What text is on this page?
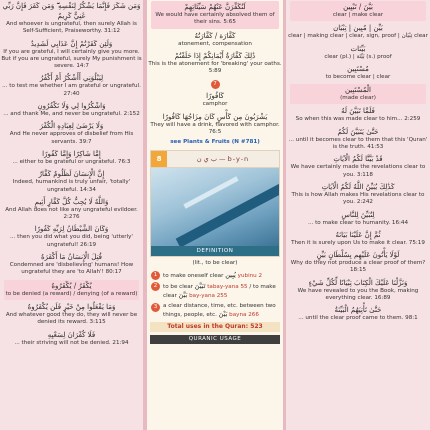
وَمَن شَكَرَ فَإِنَّمَا يَشْكُرُ لِنَفْسِهِ ۖ وَمَن كَفَرَ فَإِنَّ رَبِّي غَنِيٌّ كَرِيمٌ
And whoever is ungrateful, then surely Allah is Self-Sufficient, Praiseworthy. 31:12
وَلَئِن كَفَرْتُمْ إِنَّ عَذَابِي لَشَدِيدٌ
If you are grateful, I will certainly give you more. But if you are ungrateful, surely My punishment is severe. 14:7
لِيَبْلُوَنِي أَأَشْكُرُ أَمْ أَكْفُرُ
... to test me whether I am grateful or ungrateful. 27:40
وَاشْكُرُوا لِي وَلَا تَكْفُرُونِ
... and thank Me, and never be ungrateful. 2:152
وَلَا يَرْضَىٰ لِعِبَادِهِ الْكُفْرَ
And He never approves of disbelief from His servants. 39:7
إِمَّا شَاكِرًا وَإِمَّا كَفُورًا
... either to be grateful or ungrateful. 76:3
إِنَّ الْإِنسَانَ لَظَلُومٌ كَفَّارٌ
Indeed, humankind is truly unfair, 'totally' ungrateful. 14:34
وَاللَّهُ لَا يُحِبُّ كُلَّ كَفَّارٍ أَثِيمٍ
And Allah does not like any ungrateful evildoer. 2:276
وَكَانَ الشَّيْطَانُ لِرَبِّهِ كَفُورًا
... then you did what you did, being 'utterly' ungrateful! 26:19
قُتِلَ الْإِنسَانُ مَا أَكْفَرَهُ
Condemned are 'disbelieving' humans! How ungrateful they are 'to Allah'! 80:17
يُكْفَرُ / يُكْفَرُوهُ
to be denied (a reward) / denying (of a reward)
وَمَا يَفْعَلُوا مِنْ خَيْرٍ فَلَن يُكْفَرُوهُ
And whatever good they do, they will never be denied its reward. 3:115
فَلَا كُفْرَانَ لِسَعْيِهِ
... their striving will not be denied. 21:94
لَنُكَفِّرَنَّ عَنْهُمْ سَيِّئَاتِهِمْ
We would have certainly absolved them of their sins. 5:65
كَفَّارَة / كَفَّارَتُهُ
atonement, compensation
ذَٰلِكَ كَفَّارَةُ أَيْمَانِكُمْ إِذَا حَلَفْتُمْ
This is the atonement for 'breaking' your oaths. 5:89
7
كَافُورًا
camphor
يَشْرَبُونَ مِن كَأْسٍ كَانَ مِزَاجُهَا كَافُورًا
They will have a drink, flavored with camphor. 76:5
see Plants & Fruits (N #781)
8	ب ي ن — b-y-n
DEFINITION
(lit., to be clear)
1	to make oneself clear يُبِين yubinu 2
2	to be clear تَبَيَّنَ tabay-yana 55 / to make clear بَيَّنَ bay-yana 255
3	a clear distance, time, etc. between two things, people, etc. بَيْنَ bayna 266
Total uses in the Quran: 523
QURANIC USAGE
بَيَّنَ / تَبْيِين
clear | make clear
بَيِّن | مُبِين | تِبْيَان
clear | making clear | clear, sign, proof | تِبْيَان clear
بَيِّنَات
clear (pl.) | بَيِّنَة (s.) proof
مُسْتَبِين
to become clear | clear
الْمُسْتَبِين
(made clear)
فَلَمَّا تَبَيَّنَ لَهُ
So when this was made clear to him... 2:259
حَتَّىٰ يَتَبَيَّنَ لَكُمُ
... until it becomes clear to them that this 'Quran' is the truth. 41:53
قَدْ بَيَّنَّا لَكُمُ الْآيَاتِ
We have certainly made the revelations clear to you. 3:118
كَذَٰلِكَ يُبَيِّنُ اللَّهُ لَكُمُ الْآيَاتِ
This is how Allah makes His revelations clear to you. 2:242
لِتُبَيِّنَ لِلنَّاسِ
... to make clear to humanity. 16:44
ثُمَّ إِنَّ عَلَيْنَا بَيَانَهُ
Then it is surely upon Us to make it clear. 75:19
لَوْلَا يَأْتُونَ عَلَيْهِم بِسُلْطَانٍ بَيِّنٍ
Why do they not produce a clear proof of them? 18:15
وَنَزَّلْنَا عَلَيْكَ الْكِتَابَ تِبْيَانًا لِّكُلِّ شَيْءٍ
We have revealed to you the Book, making everything clear. 16:89
حَتَّىٰ تَأْتِيَهُمُ الْبَيِّنَةُ
... until the clear proof came to them. 98:1
